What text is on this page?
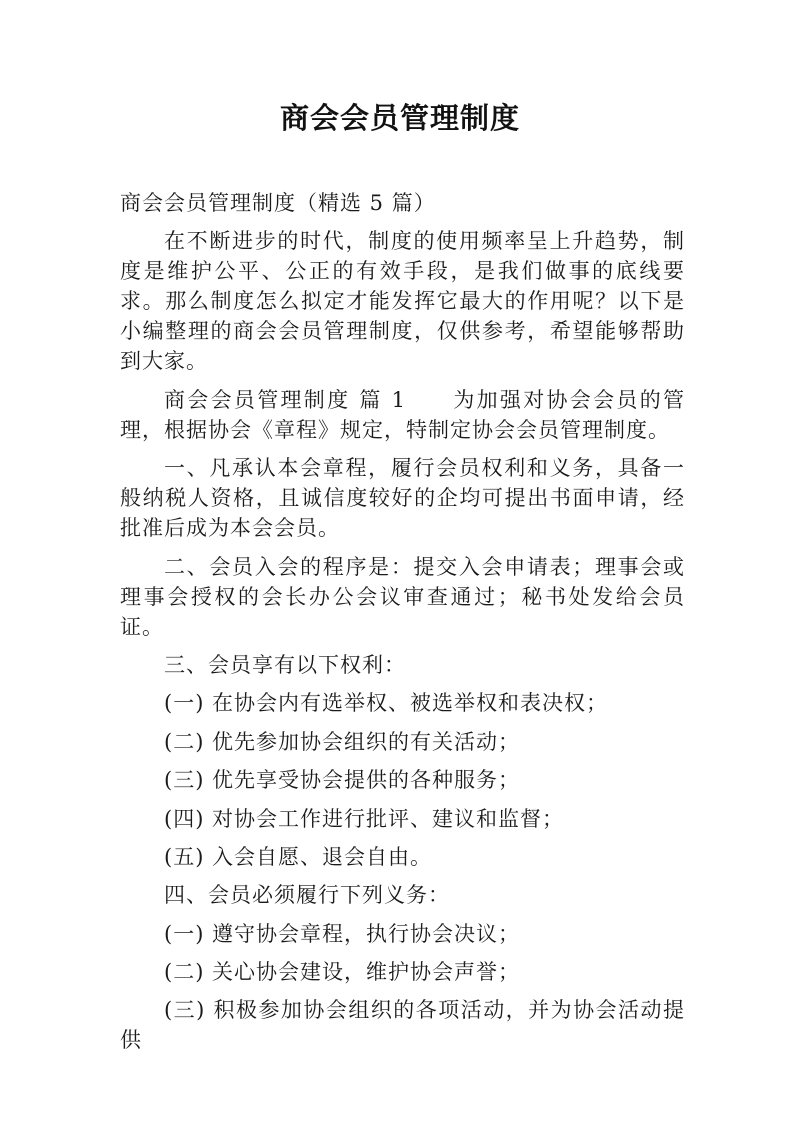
商会会员管理制度

商会会员管理制度（精选 5 篇）

在不断进步的时代，制度的使用频率呈上升趋势，制度是维护公平、公正的有效手段，是我们做事的底线要求。那么制度怎么拟定才能发挥它最大的作用呢？以下是小编整理的商会会员管理制度，仅供参考，希望能够帮助到大家。

商会会员管理制度 篇 1 为加强对协会会员的管理，根据协会《章程》规定，特制定协会会员管理制度。

一、凡承认本会章程，履行会员权利和义务，具备一般纳税人资格，且诚信度较好的企均可提出书面申请，经批准后成为本会会员。

二、会员入会的程序是：提交入会申请表；理事会或理事会授权的会长办公会议审查通过；秘书处发给会员证。

三、会员享有以下权利：

(一) 在协会内有选举权、被选举权和表决权；

(二) 优先参加协会组织的有关活动；

(三) 优先享受协会提供的各种服务；

(四) 对协会工作进行批评、建议和监督；

(五) 入会自愿、退会自由。

四、会员必须履行下列义务：

(一) 遵守协会章程，执行协会决议；

(二) 关心协会建设，维护协会声誉；

(三) 积极参加协会组织的各项活动，并为协会活动提供
